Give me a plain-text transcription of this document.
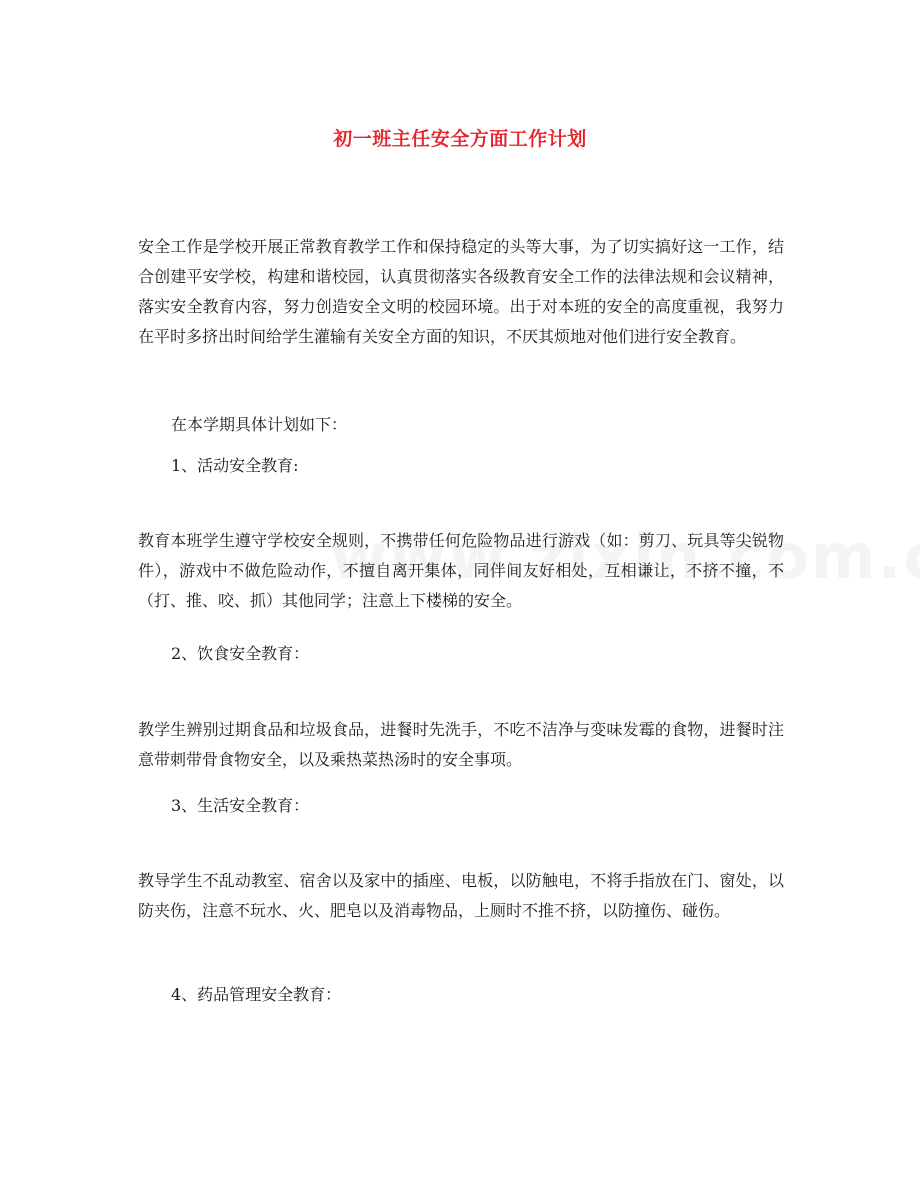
初一班主任安全方面工作计划

安全工作是学校开展正常教育教学工作和保持稳定的头等大事，为了切实搞好这一工作，结合创建平安学校，构建和谐校园，认真贯彻落实各级教育安全工作的法律法规和会议精神，落实安全教育内容，努力创造安全文明的校园环境。出于对本班的安全的高度重视，我努力在平时多挤出时间给学生灌输有关安全方面的知识，不厌其烦地对他们进行安全教育。

在本学期具体计划如下：

1、活动安全教育:

教育本班学生遵守学校安全规则，不携带任何危险物品进行游戏（如：剪刀、玩具等尖锐物件），游戏中不做危险动作，不擅自离开集体，同伴间友好相处，互相谦让，不挤不撞，不（打、推、咬、抓）其他同学；注意上下楼梯的安全。

2、饮食安全教育：

教学生辨别过期食品和垃圾食品，进餐时先洗手，不吃不洁净与变味发霉的食物，进餐时注意带刺带骨食物安全，以及乘热菜热汤时的安全事项。

3、生活安全教育：

教导学生不乱动教室、宿舍以及家中的插座、电板，以防触电，不将手指放在门、窗处，以防夹伤，注意不玩水、火、肥皂以及消毒物品，上厕时不推不挤，以防撞伤、碰伤。

4、药品管理安全教育：
